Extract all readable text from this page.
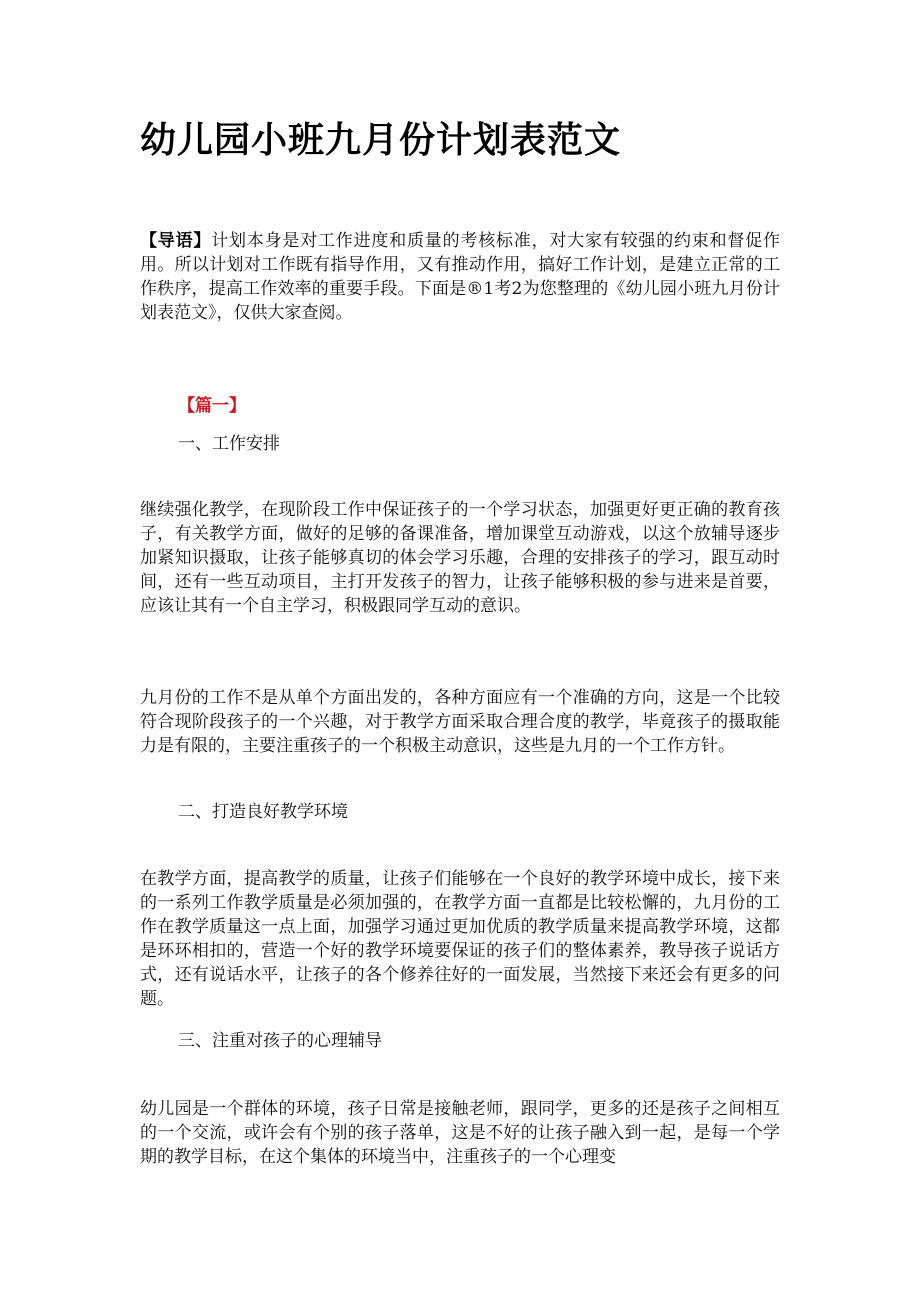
幼儿园小班九月份计划表范文

【导语】计划本身是对工作进度和质量的考核标准，对大家有较强的约束和督促作用。所以计划对工作既有指导作用，又有推动作用，搞好工作计划，是建立正常的工作秩序，提高工作效率的重要手段。下面是®1考2为您整理的《幼儿园小班九月份计划表范文》，仅供大家查阅。

【篇一】

一、工作安排

继续强化教学，在现阶段工作中保证孩子的一个学习状态，加强更好更正确的教育孩子，有关教学方面，做好的足够的备课准备，增加课堂互动游戏，以这个放辅导逐步加紧知识摄取，让孩子能够真切的体会学习乐趣，合理的安排孩子的学习，跟互动时间，还有一些互动项目，主打开发孩子的智力，让孩子能够积极的参与进来是首要，应该让其有一个自主学习，积极跟同学互动的意识。

九月份的工作不是从单个方面出发的，各种方面应有一个准确的方向，这是一个比较符合现阶段孩子的一个兴趣，对于教学方面采取合理合度的教学，毕竟孩子的摄取能力是有限的，主要注重孩子的一个积极主动意识，这些是九月的一个工作方针。

二、打造良好教学环境

在教学方面，提高教学的质量，让孩子们能够在一个良好的教学环境中成长，接下来的一系列工作教学质量是必须加强的，在教学方面一直都是比较松懈的，九月份的工作在教学质量这一点上面，加强学习通过更加优质的教学质量来提高教学环境，这都是环环相扣的，营造一个好的教学环境要保证的孩子们的整体素养，教导孩子说话方式，还有说话水平，让孩子的各个修养往好的一面发展，当然接下来还会有更多的问题。

三、注重对孩子的心理辅导

幼儿园是一个群体的环境，孩子日常是接触老师，跟同学，更多的还是孩子之间相互的一个交流，或许会有个别的孩子落单，这是不好的让孩子融入到一起，是每一个学期的教学目标，在这个集体的环境当中，注重孩子的一个心理变
